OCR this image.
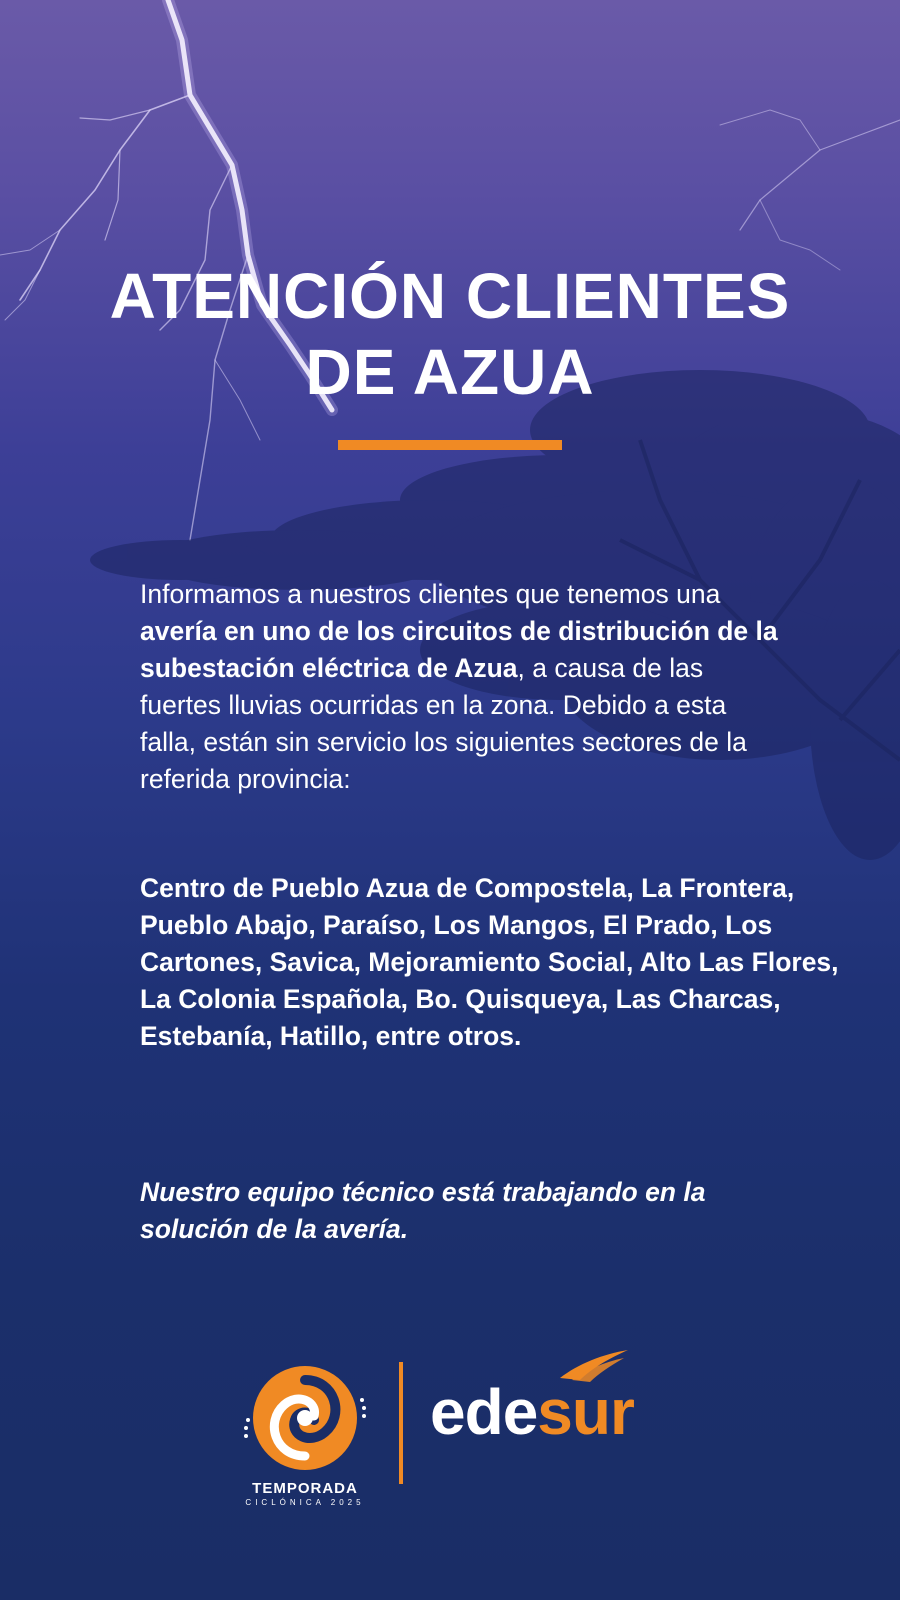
ATENCIÓN CLIENTES
DE AZUA

Informamos a nuestros clientes que tenemos una avería en uno de los circuitos de distribución de la subestación eléctrica de Azua, a causa de las fuertes lluvias ocurridas en la zona. Debido a esta falla, están sin servicio los siguientes sectores de la referida provincia:

Centro de Pueblo Azua de Compostela, La Frontera, Pueblo Abajo, Paraíso, Los Mangos, El Prado, Los Cartones, Savica, Mejoramiento Social, Alto Las Flores, La Colonia Española, Bo. Quisqueya, Las Charcas, Estebanía, Hatillo, entre otros.

Nuestro equipo técnico está trabajando en la solución de la avería.

TEMPORADA
CICLÓNICA 2025
edesur
